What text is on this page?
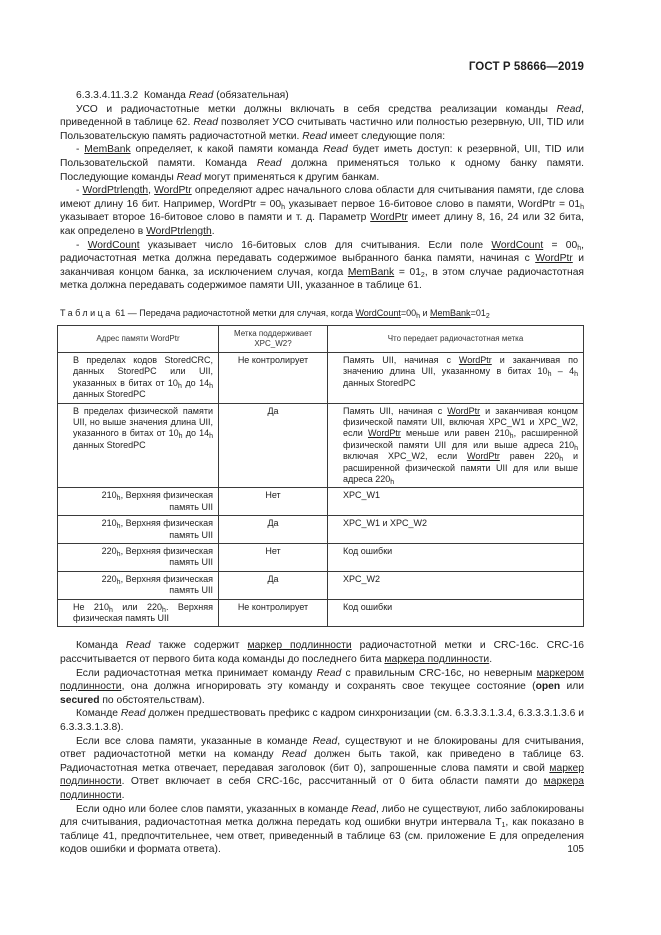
ГОСТ Р 58666—2019

6.3.3.4.11.3.2 Команда Read (обязательная)

УСО и радиочастотные метки должны включать в себя средства реализации команды Read, приведенной в таблице 62. Read позволяет УСО считывать частично или полностью резервную, UII, TID или Пользовательскую память радиочастотной метки. Read имеет следующие поля:

- MemBank определяет, к какой памяти команда Read будет иметь доступ: к резервной, UII, TID или Пользовательской памяти. Команда Read должна применяться только к одному банку памяти. Последующие команды Read могут применяться к другим банкам.

- WordPtrlength, WordPtr определяют адрес начального слова области для считывания памяти, где слова имеют длину 16 бит. Например, WordPtr = $00_h$ указывает первое 16-битовое слово в памяти, WordPtr = $01_h$ указывает второе 16-битовое слово в памяти и т. д. Параметр WordPtr имеет длину 8, 16, 24 или 32 бита, как определено в WordPtrlength.

- WordCount указывает число 16-битовых слов для считывания. Если поле WordCount = $00_h$, радиочастотная метка должна передавать содержимое выбранного банка памяти, начиная с WordPtr и заканчивая концом банка, за исключением случая, когда MemBank = $01_2$, в этом случае радиочастотная метка должна передавать содержимое памяти UII, указанное в таблице 61.

Таблица 61 — Передача радиочастотной метки для случая, когда $WordCount=00_h$ и $MemBank=01_2$

Адрес памяти WordPtr	Метка поддерживает XPC_W2?	Что передает радиочастотная метка
В пределах кодов StoredCRC, данных StoredPC или UII, указанных в битах от $10_h$ до $14_h$ данных StoredPC	Не контролирует	Память UII, начиная с WordPtr и заканчивая по значению длина UII, указанному в битах $10_h - 4_h$ данных StoredPC
В пределах физической памяти UII, но выше значения длина UII, указанного в битах от $10_h$ до $14_h$ данных StoredPC	Да	Память UII, начиная с WordPtr и заканчивая концом физической памяти UII, включая XPC_W1 и XPC_W2, если WordPtr меньше или равен $210_h$, расширенной физической памяти UII для или выше адреса $210_h$ включая XPC_W2, если WordPtr равен $220_h$ и расширенной физической памяти UII для или выше адреса $220_h$
$210_h$, Верхняя физическая память UII	Нет	XPC_W1
$210_h$, Верхняя физическая память UII	Да	XPC_W1 и XPC_W2
$220_h$, Верхняя физическая память UII	Нет	Код ошибки
$220_h$, Верхняя физическая память UII	Да	XPC_W2
Не $210_h$ или $220_h$. Верхняя физическая память UII	Не контролирует	Код ошибки

Команда Read также содержит маркер подлинности радиочастотной метки и CRC-16c. CRC-16 рассчитывается от первого бита кода команды до последнего бита маркера подлинности.

Если радиочастотная метка принимает команду Read с правильным CRC-16c, но неверным маркером подлинности, она должна игнорировать эту команду и сохранять свое текущее состояние (open или secured по обстоятельствам).

Команде Read должен предшествовать префикс с кадром синхронизации (см. 6.3.3.3.1.3.4, 6.3.3.3.1.3.6 и 6.3.3.3.1.3.8).

Если все слова памяти, указанные в команде Read, существуют и не блокированы для считывания, ответ радиочастотной метки на команду Read должен быть такой, как приведено в таблице 63. Радиочастотная метка отвечает, передавая заголовок (бит 0), запрошенные слова памяти и свой маркер подлинности. Ответ включает в себя CRC-16c, рассчитанный от 0 бита области памяти до маркера подлинности.

Если одно или более слов памяти, указанных в команде Read, либо не существуют, либо заблокированы для считывания, радиочастотная метка должна передать код ошибки внутри интервала $T_1$, как показано в таблице 41, предпочтительнее, чем ответ, приведенный в таблице 63 (см. приложение Е для определения кодов ошибки и формата ответа).	105
